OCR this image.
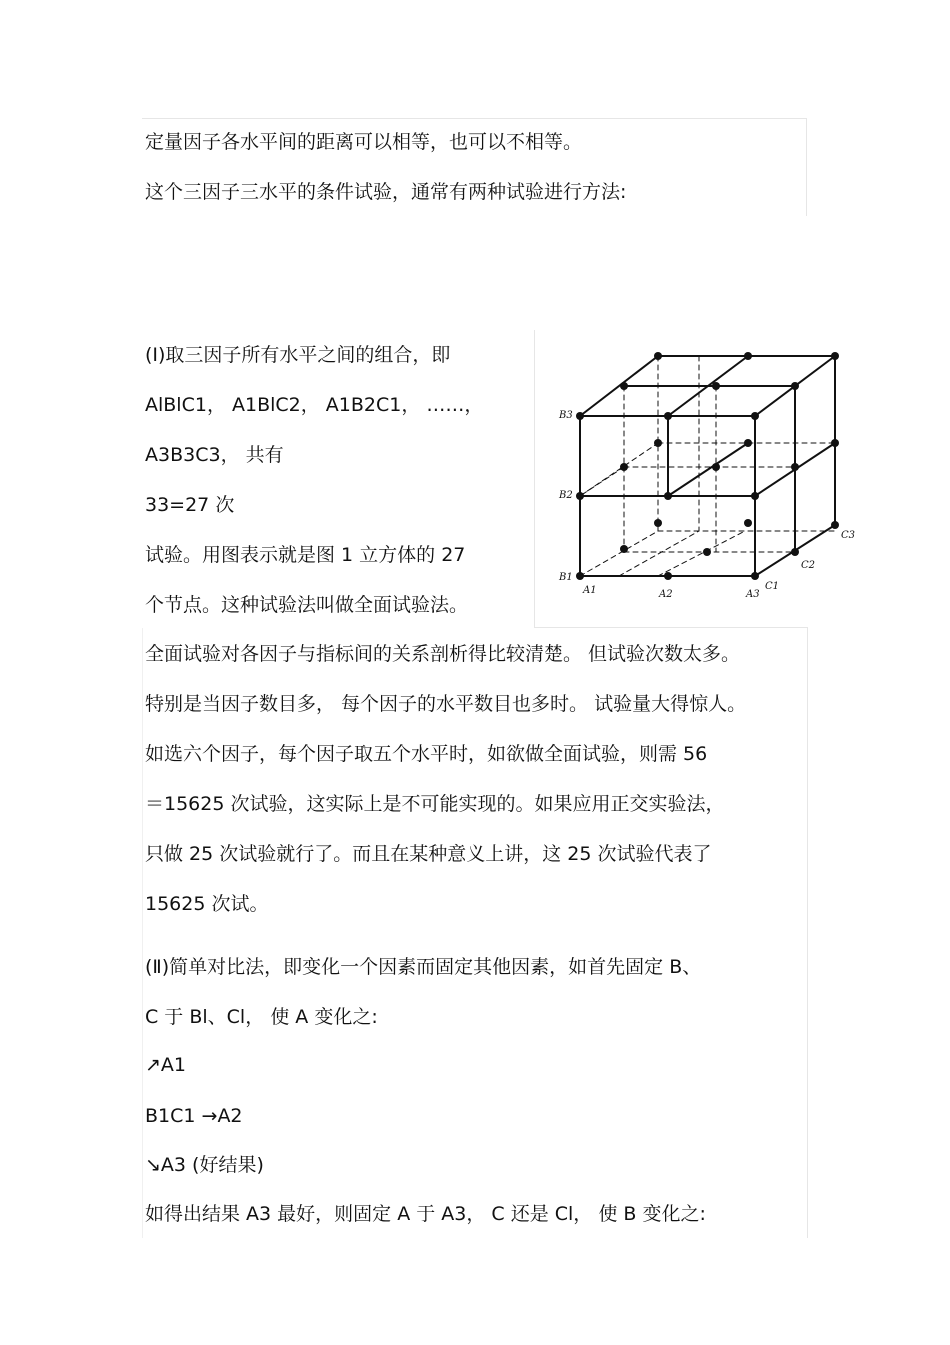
定量因子各水平间的距离可以相等，也可以不相等。
这个三因子三水平的条件试验，通常有两种试验进行方法:
(Ⅰ)取三因子所有水平之间的组合，即
AlBlC1， A1BlC2， A1B2C1， ……，
A3B3C3， 共有
33=27 次
试验。用图表示就是图 1 立方体的 27
个节点。这种试验法叫做全面试验法。
全面试验对各因子与指标间的关系剖析得比较清楚。 但试验次数太多。
特别是当因子数目多， 每个因子的水平数目也多时。 试验量大得惊人。
如选六个因子，每个因子取五个水平时，如欲做全面试验，则需 56
＝15625 次试验，这实际上是不可能实现的。如果应用正交实验法，
只做 25 次试验就行了。而且在某种意义上讲，这 25 次试验代表了
15625 次试。
(Ⅱ)简单对比法，即变化一个因素而固定其他因素，如首先固定 B、
C 于 Bl、Cl， 使 A 变化之:
↗A1
B1C1 →A2
↘A3 (好结果)
如得出结果 A3 最好，则固定 A 于 A3， C 还是 Cl， 使 B 变化之:
B3
B2
B1
A1	A2	A3
C1
C2
C3
